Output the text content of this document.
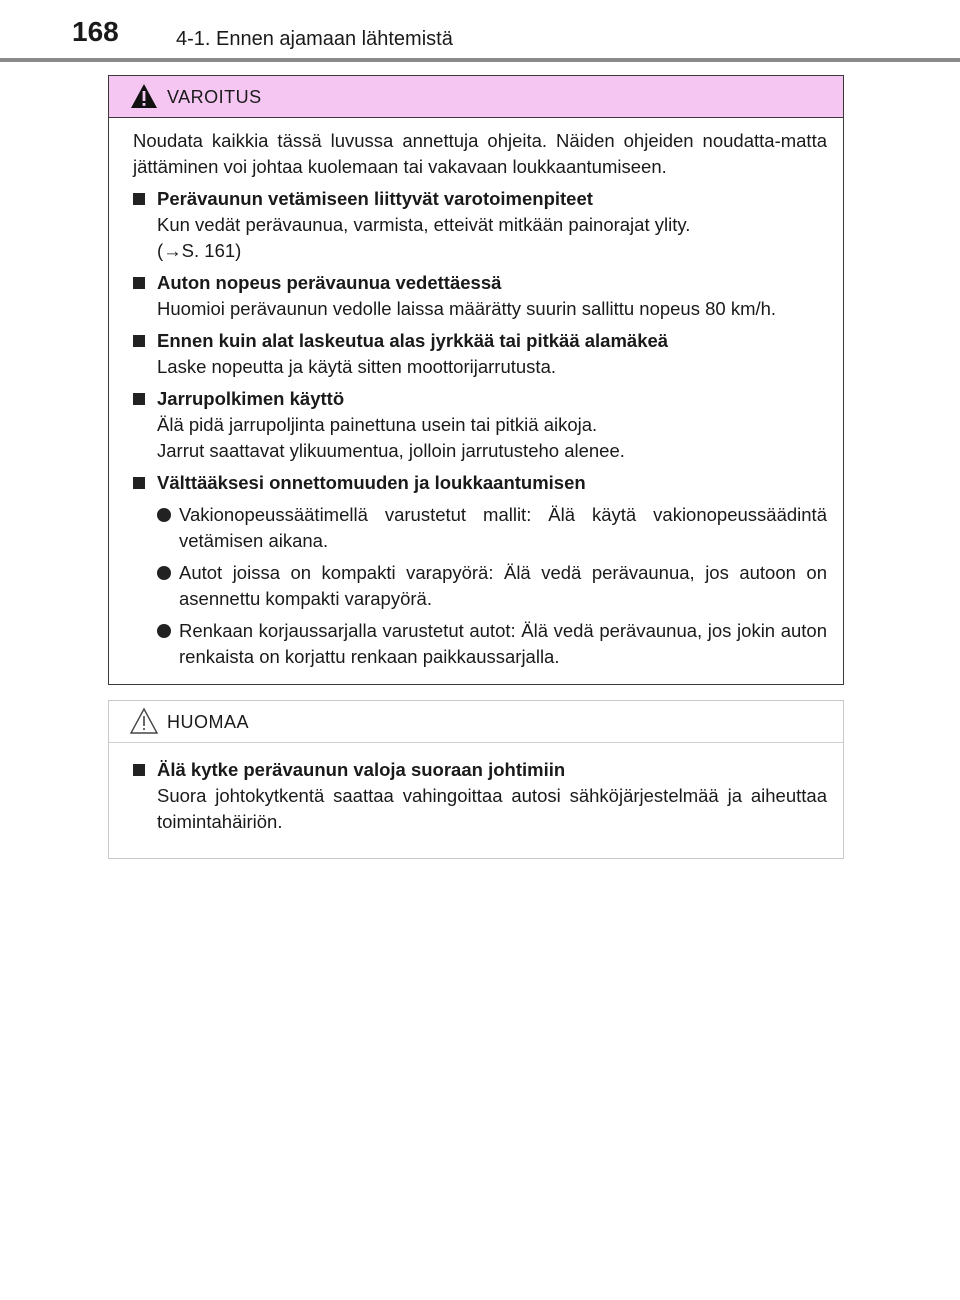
168	4-1. Ennen ajamaan lähtemistä
VAROITUS

Noudata kaikkia tässä luvussa annettuja ohjeita. Näiden ohjeiden noudatta-matta jättäminen voi johtaa kuolemaan tai vakavaan loukkaantumiseen.

Perävaunun vetämiseen liittyvät varotoimenpiteet
Kun vedät perävaunua, varmista, etteivät mitkään painorajat ylity.
(→S. 161)
Auton nopeus perävaunua vedettäessä
Huomioi perävaunun vedolle laissa määrätty suurin sallittu nopeus 80 km/h.
Ennen kuin alat laskeutua alas jyrkkää tai pitkää alamäkeä
Laske nopeutta ja käytä sitten moottorijarrutusta.
Jarrupolkimen käyttö
Älä pidä jarrupoljinta painettuna usein tai pitkiä aikoja.
Jarrut saattavat ylikuumentua, jolloin jarrutusteho alenee.
Välttääksesi onnettomuuden ja loukkaantumisen
Vakionopeussäätimellä varustetut mallit: Älä käytä vakionopeussäädintä vetämisen aikana.
Autot joissa on kompakti varapyörä: Älä vedä perävaunua, jos autoon on asennettu kompakti varapyörä.
Renkaan korjaussarjalla varustetut autot: Älä vedä perävaunua, jos jokin auton renkaista on korjattu renkaan paikkaussarjalla.
HUOMAA
Älä kytke perävaunun valoja suoraan johtimiin
Suora johtokytkentä saattaa vahingoittaa autosi sähköjärjestelmää ja aiheuttaa toimintahäiriön.
